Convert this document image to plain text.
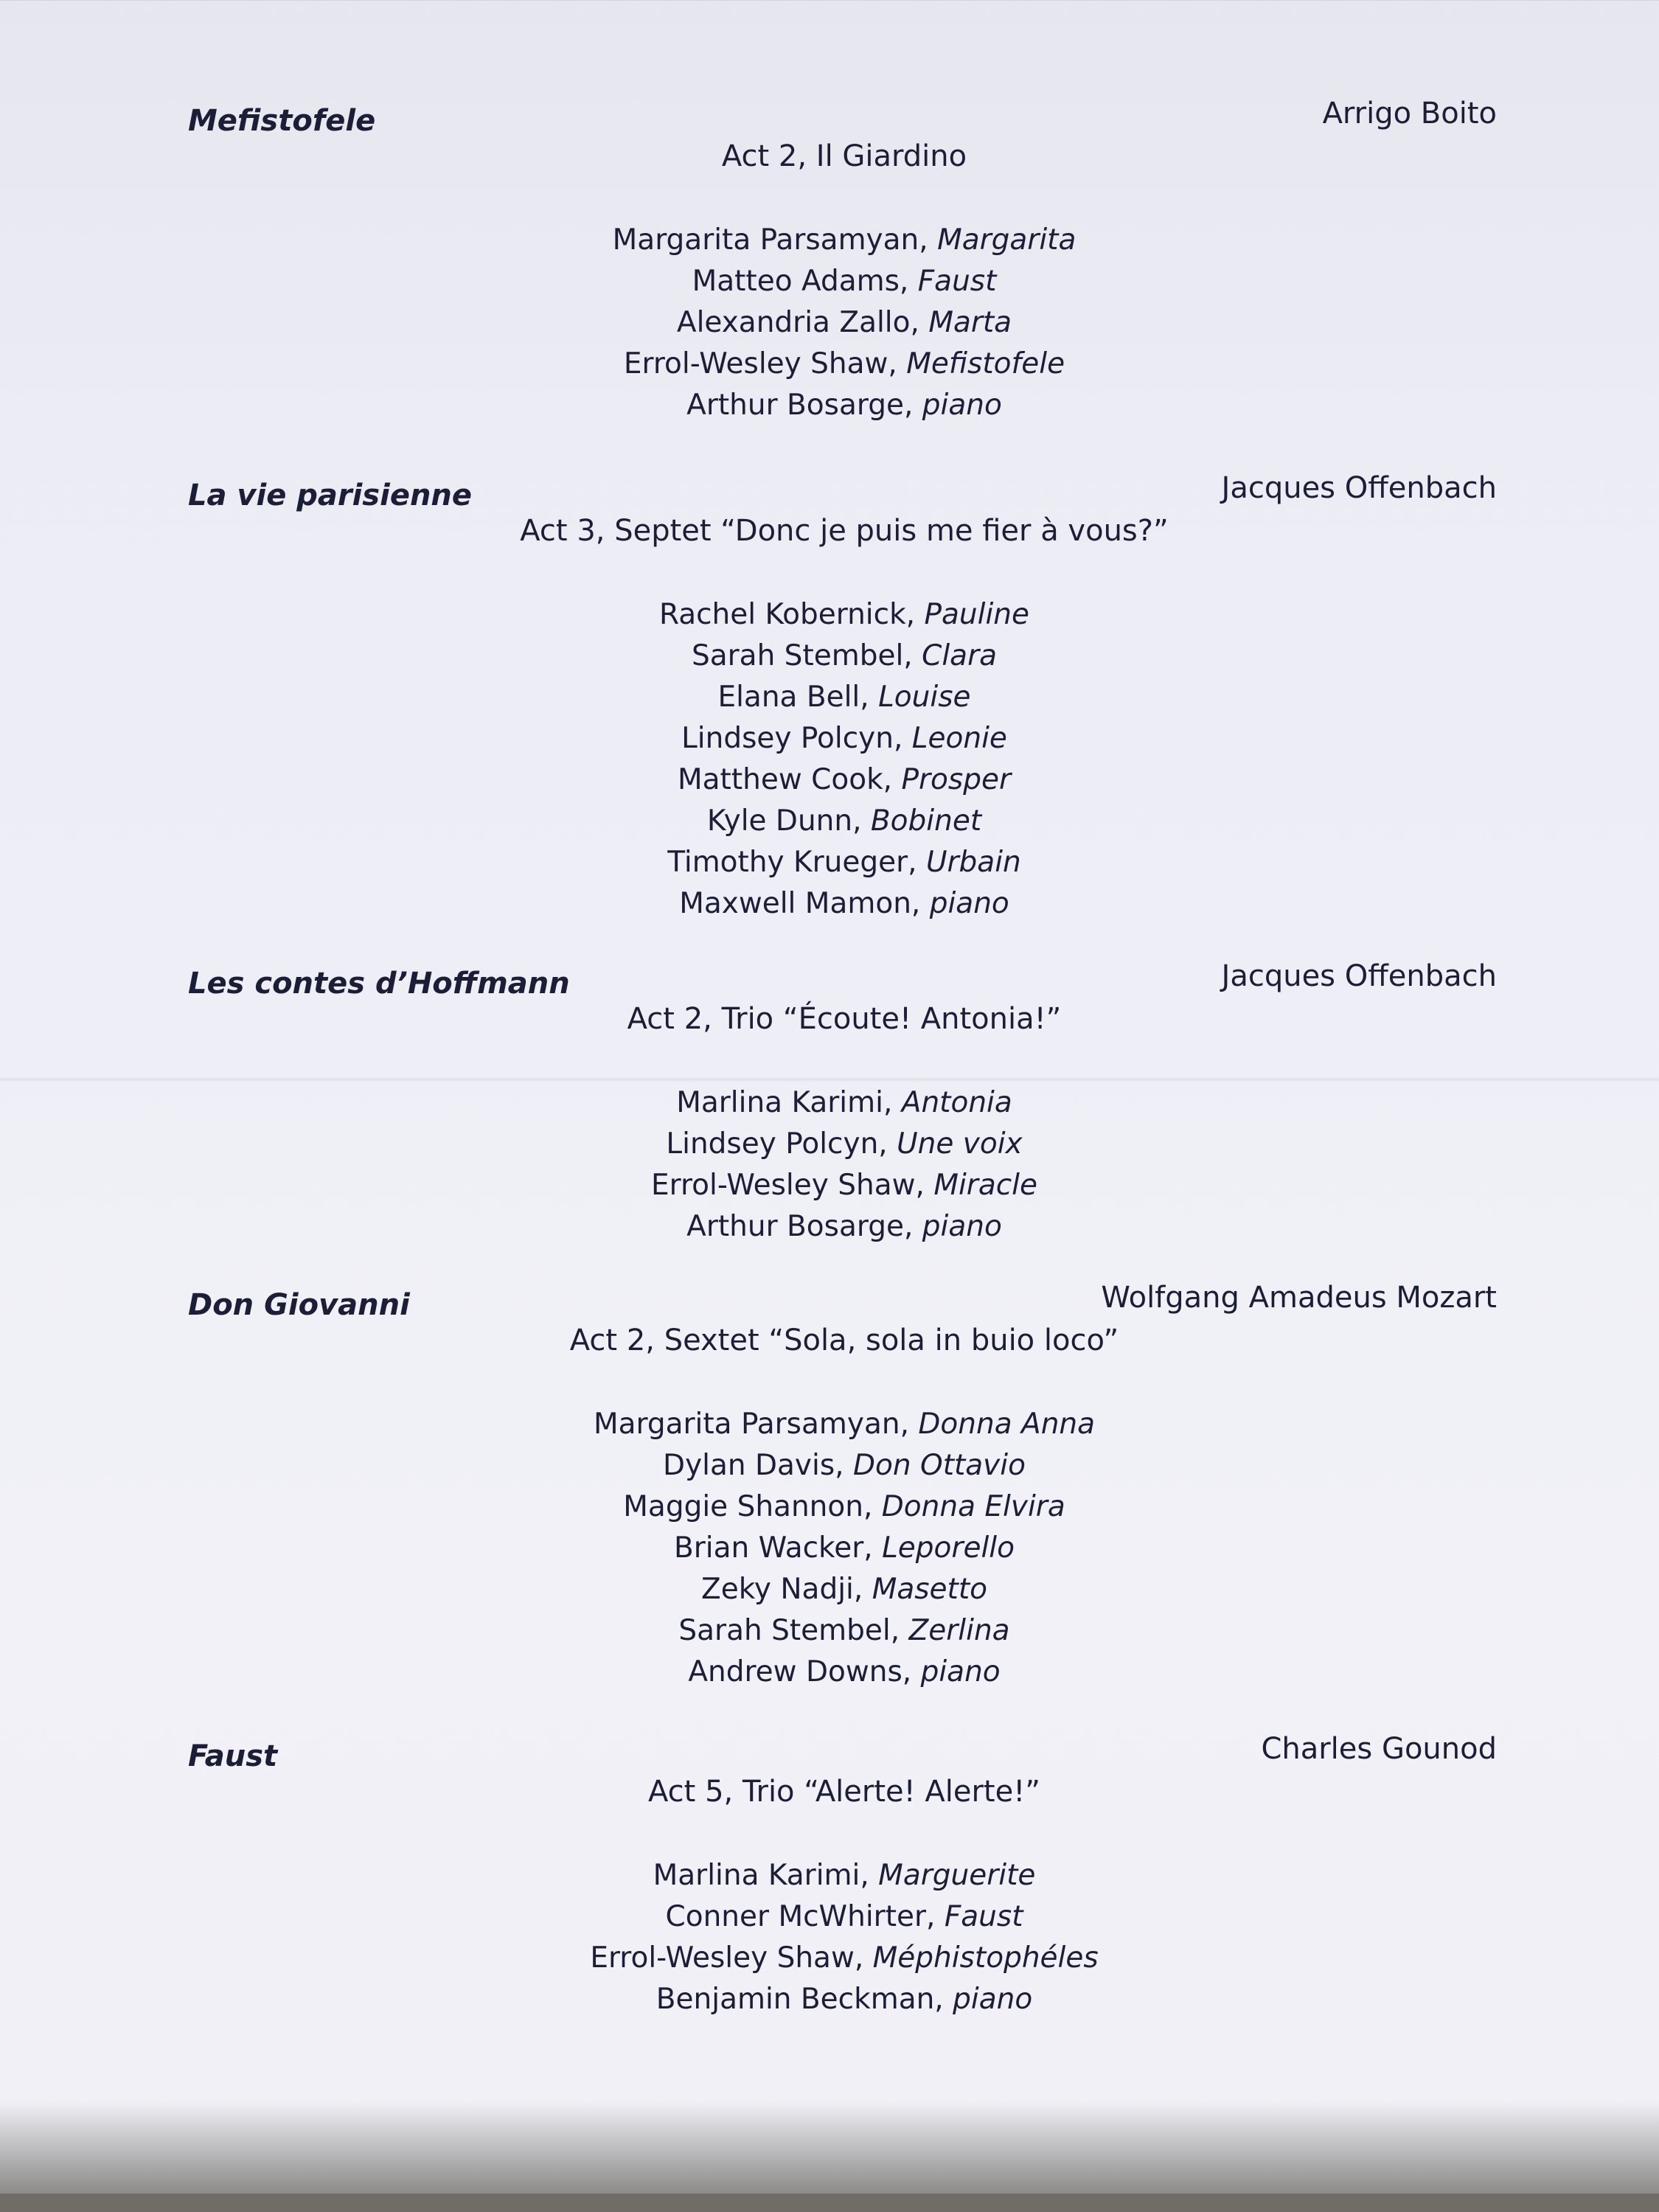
Mefistofele	Arrigo Boito
Act 2, Il Giardino
Margarita Parsamyan, Margarita
Matteo Adams, Faust
Alexandria Zallo, Marta
Errol-Wesley Shaw, Mefistofele
Arthur Bosarge, piano
La vie parisienne	Jacques Offenbach
Act 3, Septet “Donc je puis me fier à vous?”
Rachel Kobernick, Pauline
Sarah Stembel, Clara
Elana Bell, Louise
Lindsey Polcyn, Leonie
Matthew Cook, Prosper
Kyle Dunn, Bobinet
Timothy Krueger, Urbain
Maxwell Mamon, piano
Les contes d’Hoffmann	Jacques Offenbach
Act 2, Trio “Écoute! Antonia!”
Marlina Karimi, Antonia
Lindsey Polcyn, Une voix
Errol-Wesley Shaw, Miracle
Arthur Bosarge, piano
Don Giovanni	Wolfgang Amadeus Mozart
Act 2, Sextet “Sola, sola in buio loco”
Margarita Parsamyan, Donna Anna
Dylan Davis, Don Ottavio
Maggie Shannon, Donna Elvira
Brian Wacker, Leporello
Zeky Nadji, Masetto
Sarah Stembel, Zerlina
Andrew Downs, piano
Faust	Charles Gounod
Act 5, Trio “Alerte! Alerte!”
Marlina Karimi, Marguerite
Conner McWhirter, Faust
Errol-Wesley Shaw, Méphistophéles
Benjamin Beckman, piano
